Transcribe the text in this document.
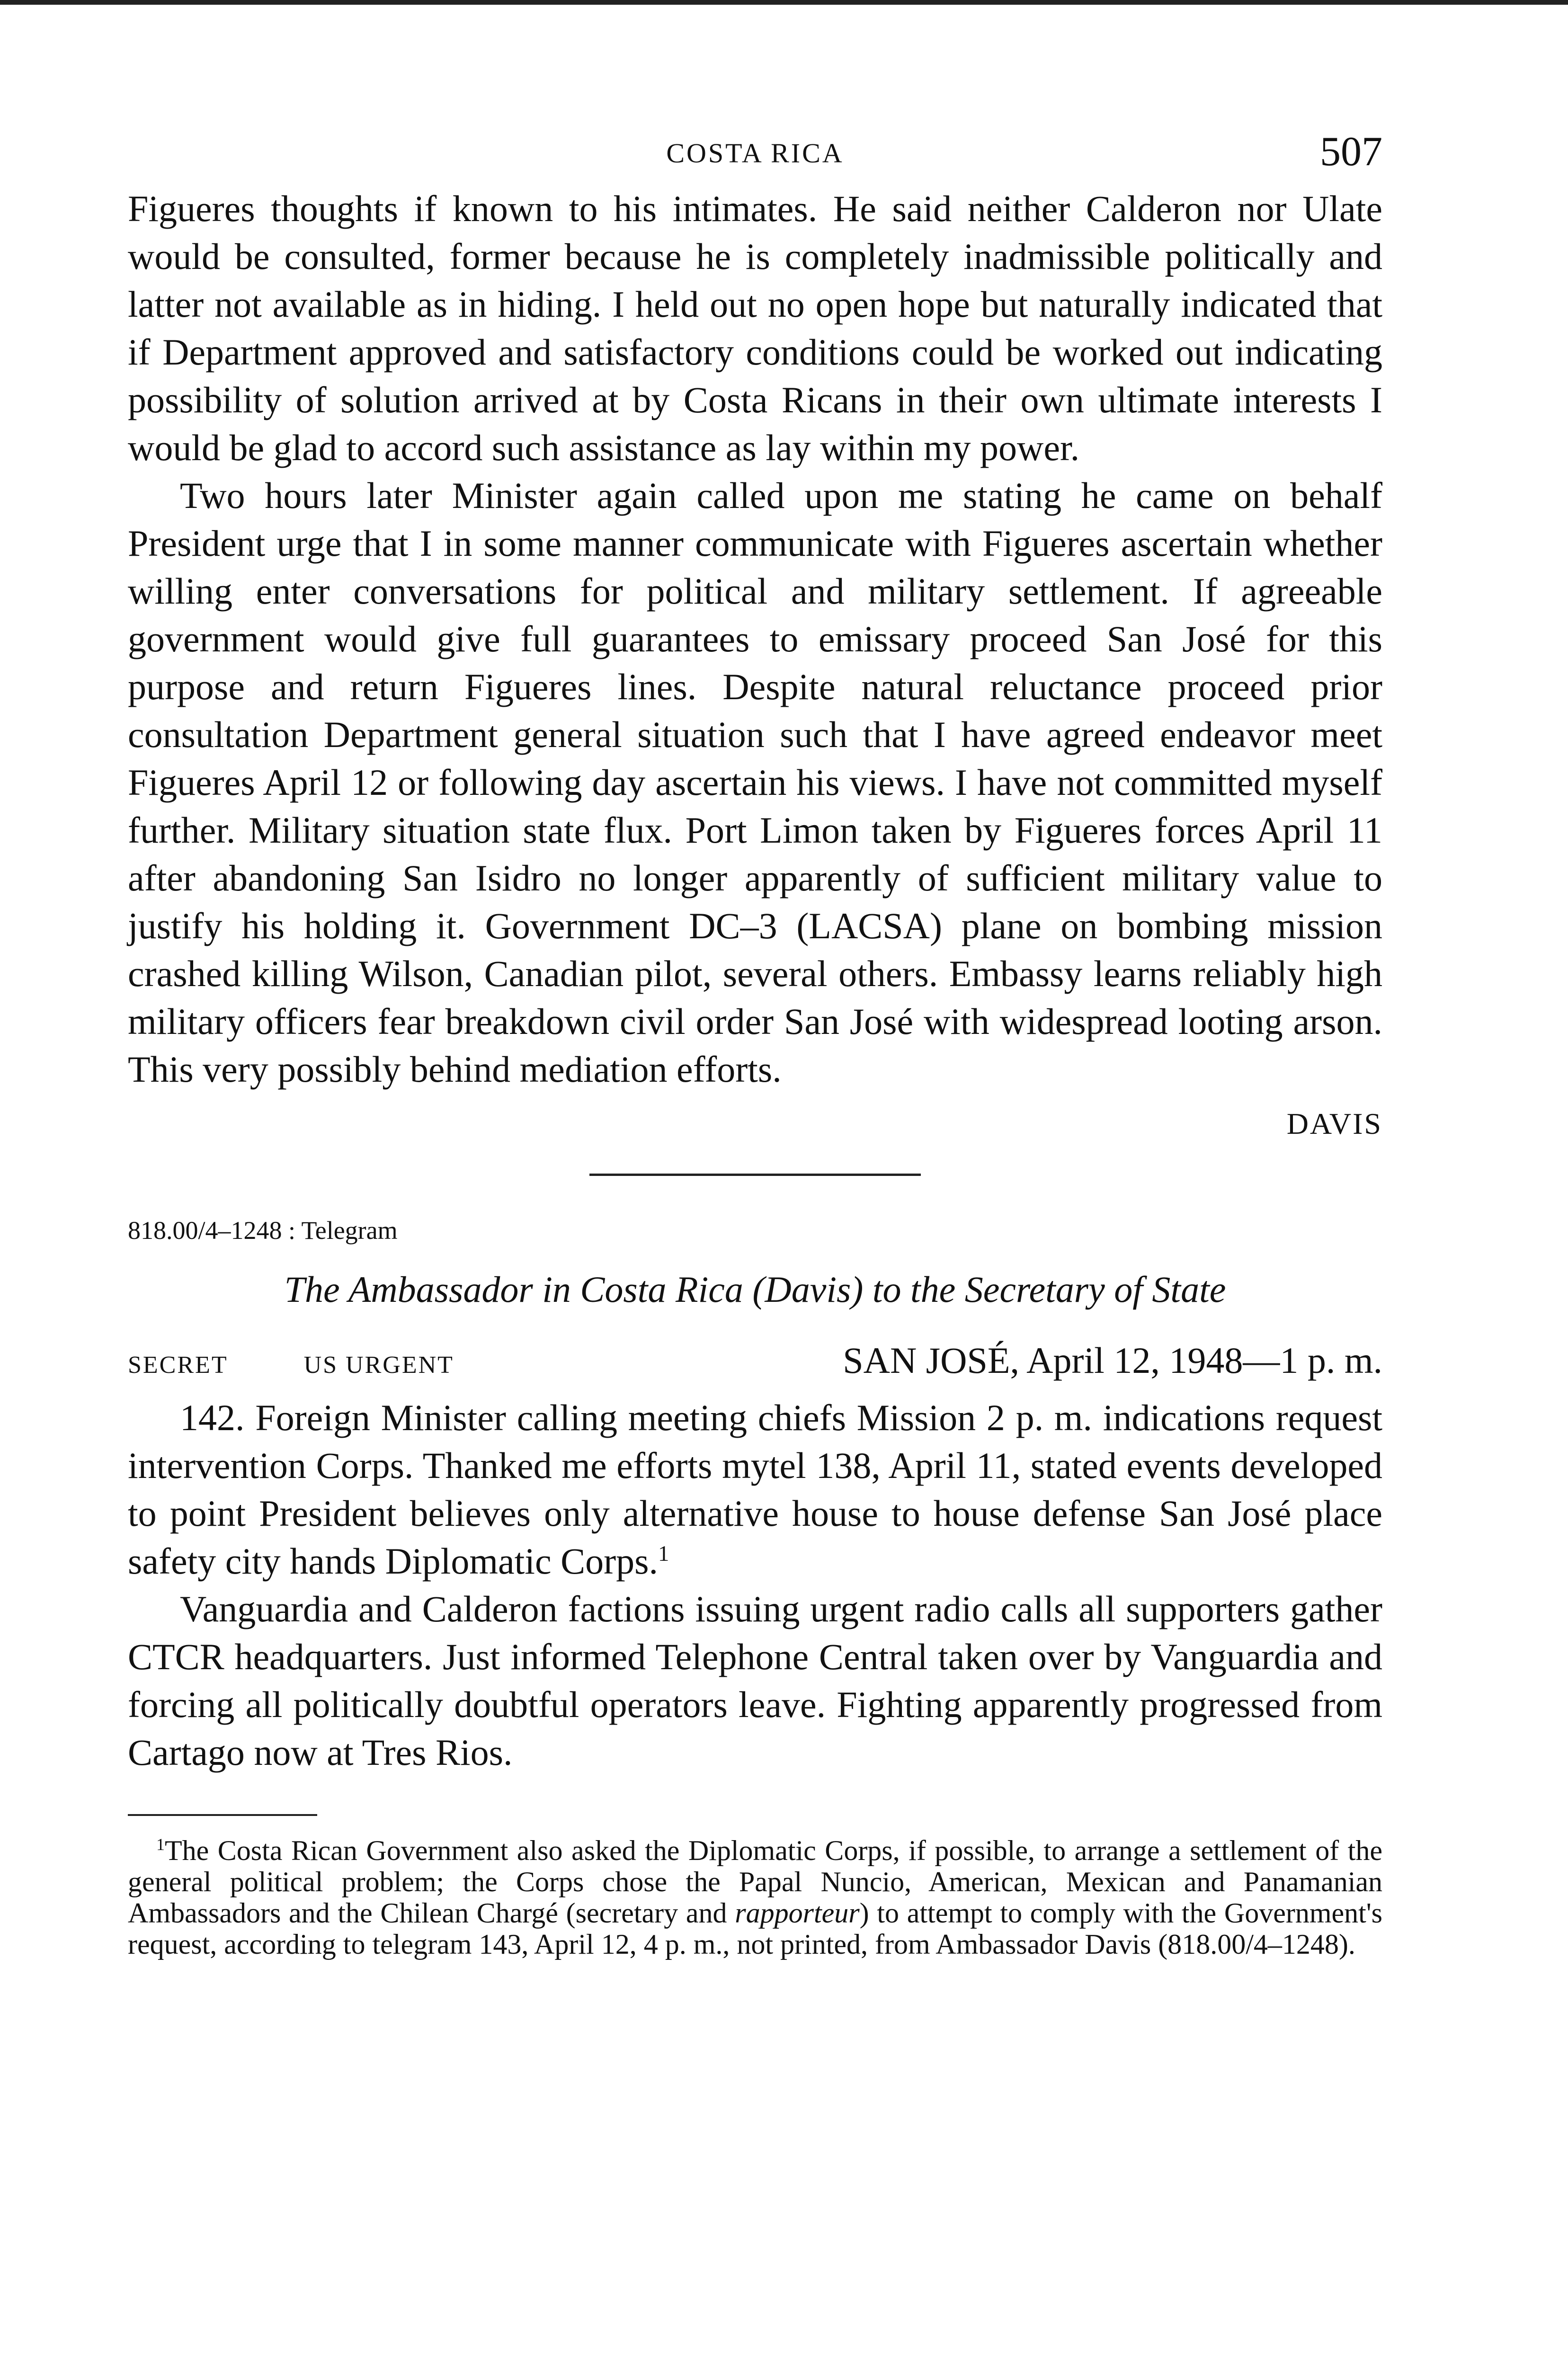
COSTA RICA	507

Figueres thoughts if known to his intimates. He said neither Calderon nor Ulate would be consulted, former because he is completely inadmissible politically and latter not available as in hiding. I held out no open hope but naturally indicated that if Department approved and satisfactory conditions could be worked out indicating possibility of solution arrived at by Costa Ricans in their own ultimate interests I would be glad to accord such assistance as lay within my power.

Two hours later Minister again called upon me stating he came on behalf President urge that I in some manner communicate with Figueres ascertain whether willing enter conversations for political and military settlement. If agreeable government would give full guarantees to emissary proceed San José for this purpose and return Figueres lines. Despite natural reluctance proceed prior consultation Department general situation such that I have agreed endeavor meet Figueres April 12 or following day ascertain his views. I have not committed myself further. Military situation state flux. Port Limon taken by Figueres forces April 11 after abandoning San Isidro no longer apparently of sufficient military value to justify his holding it. Government DC–3 (LACSA) plane on bombing mission crashed killing Wilson, Canadian pilot, several others. Embassy learns reliably high military officers fear breakdown civil order San José with widespread looting arson. This very possibly behind mediation efforts.

DAVIS
818.00/4–1248 : Telegram
The Ambassador in Costa Rica (Davis) to the Secretary of State
SECRET	US URGENT	SAN JOSÉ, April 12, 1948—1 p. m.

142. Foreign Minister calling meeting chiefs Mission 2 p. m. indications request intervention Corps. Thanked me efforts mytel 138, April 11, stated events developed to point President believes only alternative house to house defense San José place safety city hands Diplomatic Corps.$^1$

Vanguardia and Calderon factions issuing urgent radio calls all supporters gather CTCR headquarters. Just informed Telephone Central taken over by Vanguardia and forcing all politically doubtful operators leave. Fighting apparently progressed from Cartago now at Tres Rios.

$^1$The Costa Rican Government also asked the Diplomatic Corps, if possible, to arrange a settlement of the general political problem; the Corps chose the Papal Nuncio, American, Mexican and Panamanian Ambassadors and the Chilean Chargé (secretary and rapporteur) to attempt to comply with the Government's request, according to telegram 143, April 12, 4 p. m., not printed, from Ambassador Davis (818.00/4–1248).
